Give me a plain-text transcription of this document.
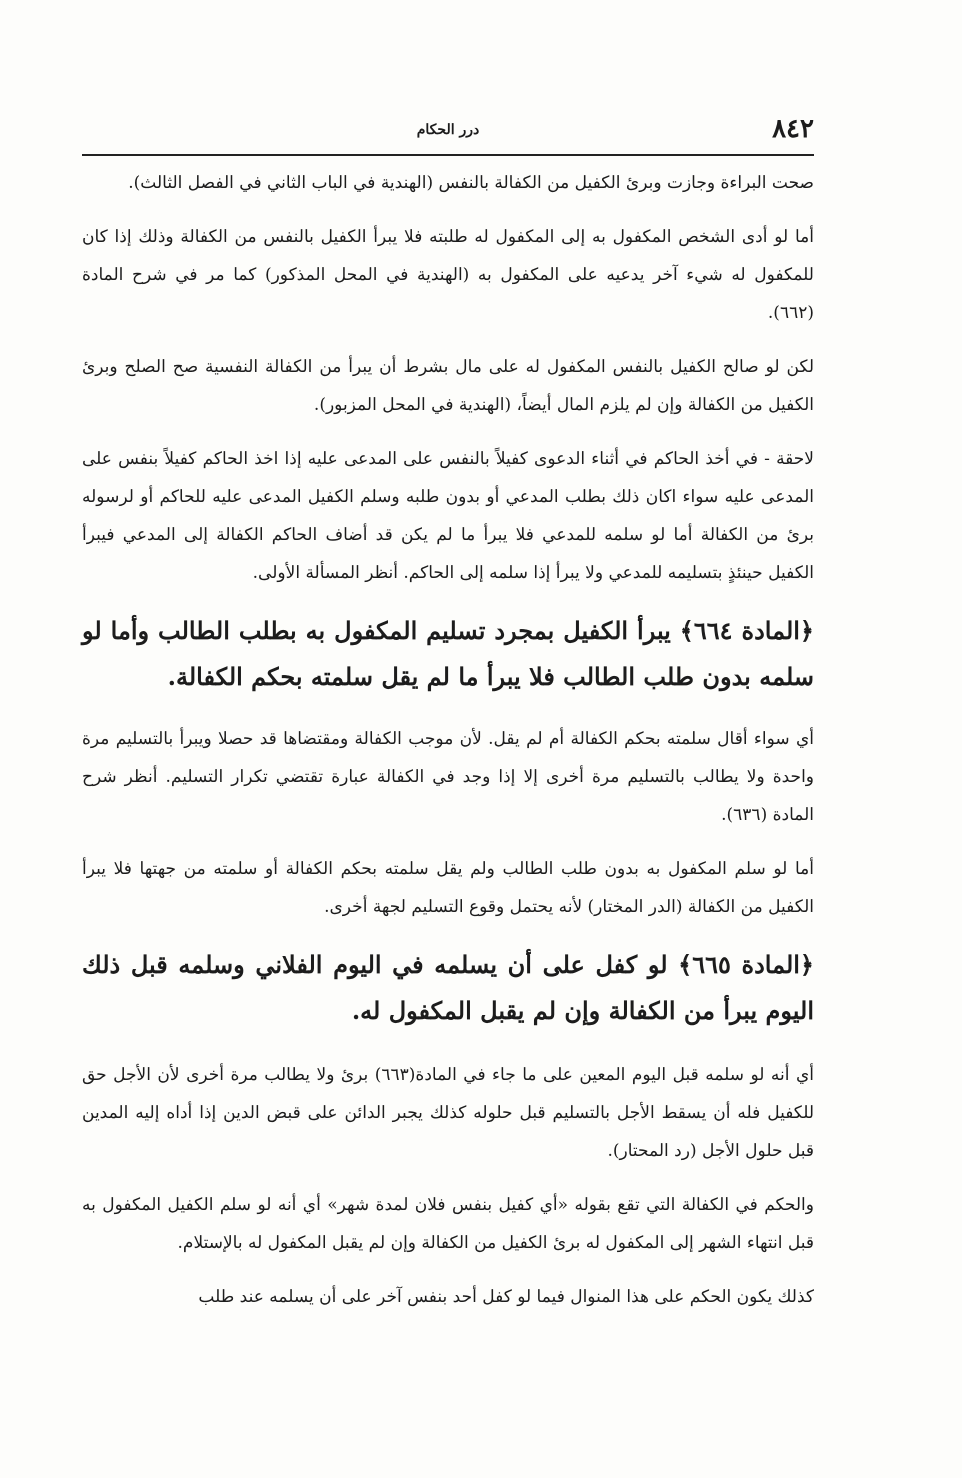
٨٤٢
درر الحكام

صحت البراءة وجازت وبرئ الكفيل من الكفالة بالنفس (الهندية في الباب الثاني في الفصل الثالث).

أما لو أدى الشخص المكفول به إلى المكفول له طلبته فلا يبرأ الكفيل بالنفس من الكفالة وذلك إذا كان للمكفول له شيء آخر يدعيه على المكفول به (الهندية في المحل المذكور) كما مر في شرح المادة (٦٦٢).

لكن لو صالح الكفيل بالنفس المكفول له على مال بشرط أن يبرأ من الكفالة النفسية صح الصلح وبرئ الكفيل من الكفالة وإن لم يلزم المال أيضاً، (الهندية في المحل المزبور).

لاحقة - في أخذ الحاكم في أثناء الدعوى كفيلاً بالنفس على المدعى عليه إذا اخذ الحاكم كفيلاً بنفس على المدعى عليه سواء اكان ذلك بطلب المدعي أو بدون طلبه وسلم الكفيل المدعى عليه للحاكم أو لرسوله برئ من الكفالة أما لو سلمه للمدعي فلا يبرأ ما لم يكن قد أضاف الحاكم الكفالة إلى المدعي فيبرأ الكفيل حينئذٍ بتسليمه للمدعي ولا يبرأ إذا سلمه إلى الحاكم. أنظر المسألة الأولى.

﴿المادة ٦٦٤﴾ يبرأ الكفيل بمجرد تسليم المكفول به بطلب الطالب وأما لو سلمه بدون طلب الطالب فلا يبرأ ما لم يقل سلمته بحكم الكفالة.

أي سواء أقال سلمته بحكم الكفالة أم لم يقل. لأن موجب الكفالة ومقتضاها قد حصلا ويبرأ بالتسليم مرة واحدة ولا يطالب بالتسليم مرة أخرى إلا إذا وجد في الكفالة عبارة تقتضي تكرار التسليم. أنظر شرح المادة (٦٣٦).

أما لو سلم المكفول به بدون طلب الطالب ولم يقل سلمته بحكم الكفالة أو سلمته من جهتها فلا يبرأ الكفيل من الكفالة (الدر المختار) لأنه يحتمل وقوع التسليم لجهة أخرى.

﴿المادة ٦٦٥﴾ لو كفل على أن يسلمه في اليوم الفلاني وسلمه قبل ذلك اليوم يبرأ من الكفالة وإن لم يقبل المكفول له.

أي أنه لو سلمه قبل اليوم المعين على ما جاء في المادة(٦٦٣) برئ ولا يطالب مرة أخرى لأن الأجل حق للكفيل فله أن يسقط الأجل بالتسليم قبل حلوله كذلك يجبر الدائن على قبض الدين إذا أداه إليه المدين قبل حلول الأجل (رد المحتار).

والحكم في الكفالة التي تقع بقوله «أي كفيل بنفس فلان لمدة شهر» أي أنه لو سلم الكفيل المكفول به قبل انتهاء الشهر إلى المكفول له برئ الكفيل من الكفالة وإن لم يقبل المكفول له بالإستلام.

كذلك يكون الحكم على هذا المنوال فيما لو كفل أحد بنفس آخر على أن يسلمه عند طلب
